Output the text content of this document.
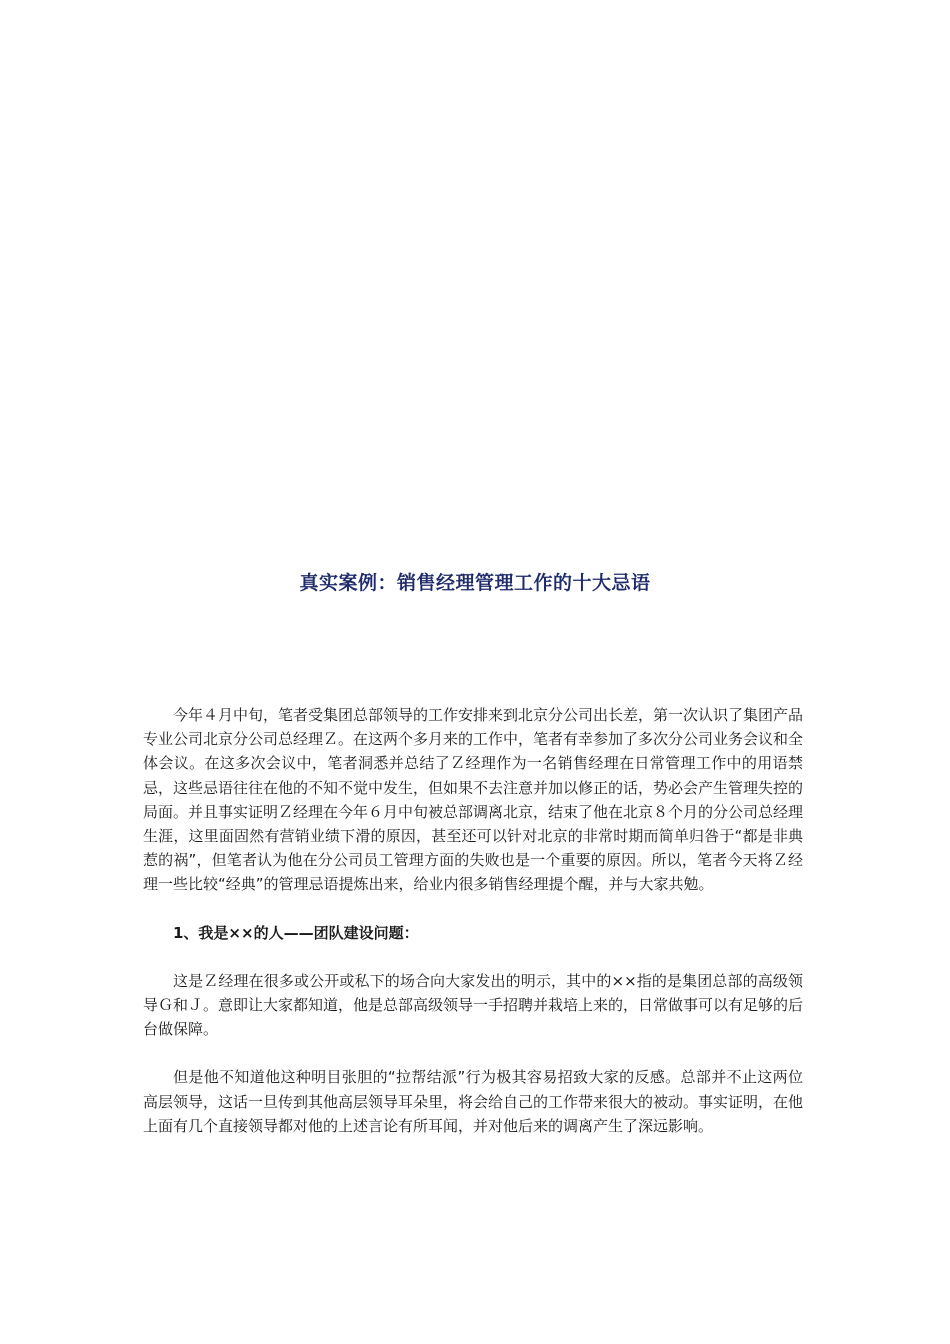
真实案例：销售经理管理工作的十大忌语

今年４月中旬，笔者受集团总部领导的工作安排来到北京分公司出长差，第一次认识了集团产品专业公司北京分公司总经理Ｚ。在这两个多月来的工作中，笔者有幸参加了多次分公司业务会议和全体会议。在这多次会议中，笔者洞悉并总结了Ｚ经理作为一名销售经理在日常管理工作中的用语禁忌，这些忌语往往在他的不知不觉中发生，但如果不去注意并加以修正的话，势必会产生管理失控的局面。并且事实证明Ｚ经理在今年６月中旬被总部调离北京，结束了他在北京８个月的分公司总经理生涯，这里面固然有营销业绩下滑的原因，甚至还可以针对北京的非常时期而简单归咎于“都是非典惹的祸”，但笔者认为他在分公司员工管理方面的失败也是一个重要的原因。所以，笔者今天将Ｚ经理一些比较“经典”的管理忌语提炼出来，给业内很多销售经理提个醒，并与大家共勉。

1、我是××的人——团队建设问题：

这是Ｚ经理在很多或公开或私下的场合向大家发出的明示，其中的××指的是集团总部的高级领导Ｇ和Ｊ。意即让大家都知道，他是总部高级领导一手招聘并栽培上来的，日常做事可以有足够的后台做保障。

但是他不知道他这种明目张胆的“拉帮结派”行为极其容易招致大家的反感。总部并不止这两位高层领导，这话一旦传到其他高层领导耳朵里，将会给自己的工作带来很大的被动。事实证明，在他上面有几个直接领导都对他的上述言论有所耳闻，并对他后来的调离产生了深远影响。
